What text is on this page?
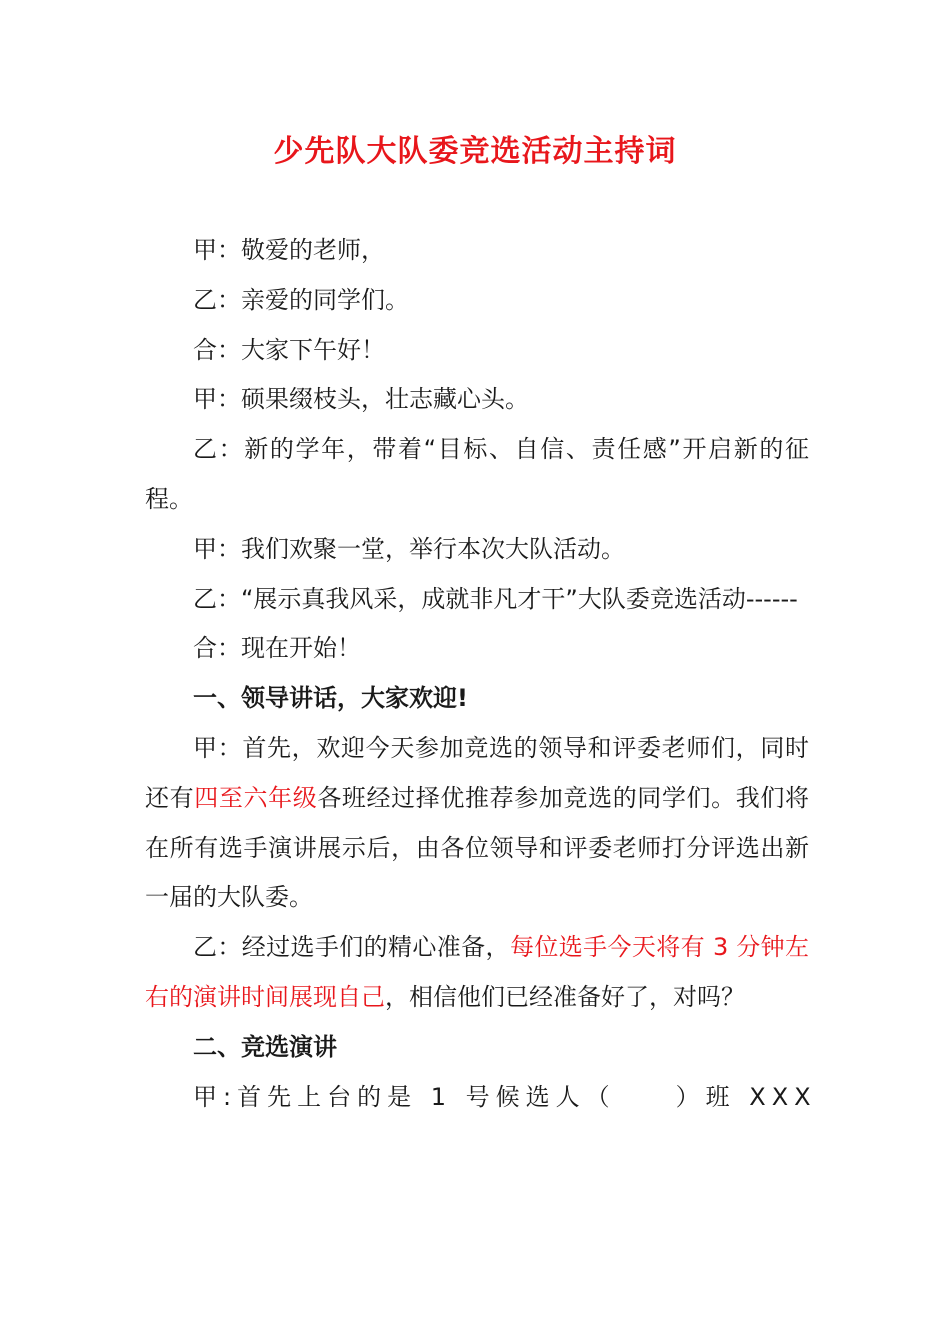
少先队大队委竞选活动主持词

甲：敬爱的老师，

乙：亲爱的同学们。

合：大家下午好！

甲：硕果缀枝头，壮志藏心头。

乙：新的学年，带着“目标、自信、责任感”开启新的征程。

甲：我们欢聚一堂，举行本次大队活动。

乙：“展示真我风采，成就非凡才干”大队委竞选活动------

合：现在开始！

一、领导讲话，大家欢迎!

甲：首先，欢迎今天参加竞选的领导和评委老师们，同时还有四至六年级各班经过择优推荐参加竞选的同学们。我们将在所有选手演讲展示后，由各位领导和评委老师打分评选出新一届的大队委。

乙：经过选手们的精心准备，每位选手今天将有 3 分钟左右的演讲时间展现自己，相信他们已经准备好了，对吗？

二、竞选演讲

甲:首先上台的是 1 号候选人（	）班 XXX
